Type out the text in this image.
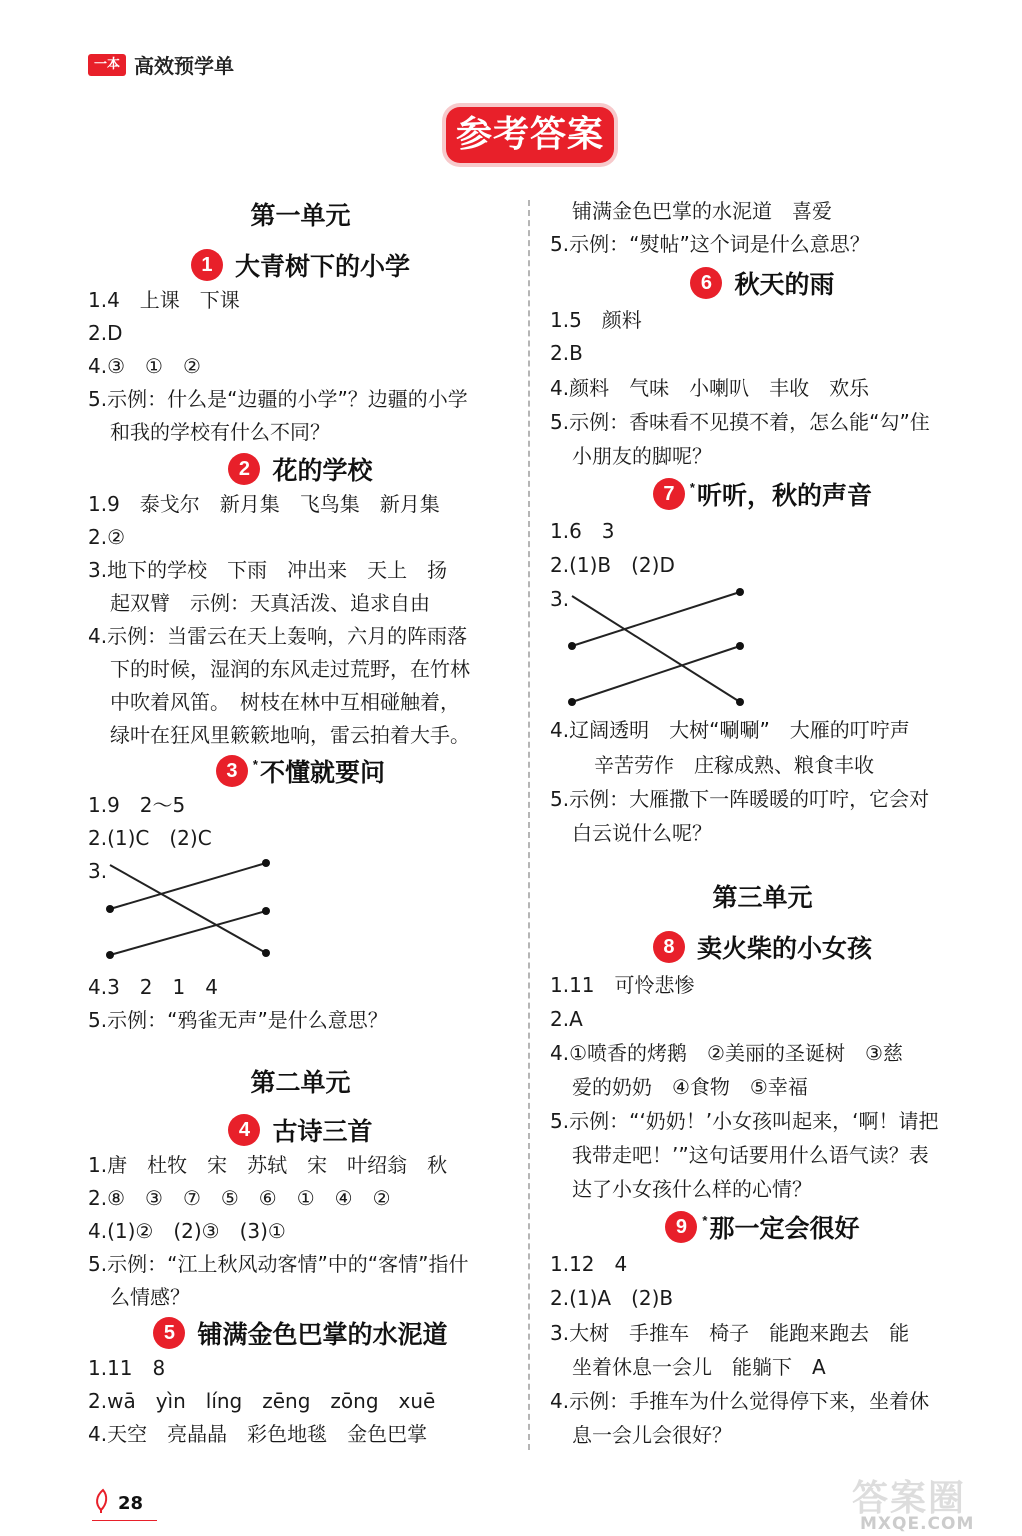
一本 高效预学单
参考答案
第一单元
1 大青树下的小学
1.4　上课　下课
2.D
4.③　①　②
5.示例：什么是“边疆的小学”？边疆的小学
和我的学校有什么不同？
2 花的学校
1.9　泰戈尔　新月集　飞鸟集　新月集
2.②
3.地下的学校　下雨　冲出来　天上　扬
起双臂　示例：天真活泼、追求自由
4.示例：当雷云在天上轰响，六月的阵雨落
下的时候，湿润的东风走过荒野，在竹林
中吹着风笛。　树枝在林中互相碰触着，
绿叶在狂风里簌簌地响，雷云拍着大手。
3 * 不懂就要问
1.9　2～5
2.(1)C　(2)C
3.
4.3　2　1　4
5.示例：“鸦雀无声”是什么意思？
第二单元
4 古诗三首
1.唐　杜牧　宋　苏轼　宋　叶绍翁　秋
2.⑧　③　⑦　⑤　⑥　①　④　②
4.(1)②　(2)③　(3)①
5.示例：“江上秋风动客情”中的“客情”指什
么情感？
5 铺满金色巴掌的水泥道
1.11　8
2.wā　yìn　líng　zēng　zōng　xuē
4.天空　亮晶晶　彩色地毯　金色巴掌
铺满金色巴掌的水泥道　喜爱
5.示例：“熨帖”这个词是什么意思？
6 秋天的雨
1.5　颜料
2.B
4.颜料　气味　小喇叭　丰收　欢乐
5.示例：香味看不见摸不着，怎么能“勾”住
小朋友的脚呢？
7 * 听听，秋的声音
1.6　3
2.(1)B　(2)D
3.
4.辽阔透明　大树“唰唰”　大雁的叮咛声
辛苦劳作　庄稼成熟、粮食丰收
5.示例：大雁撒下一阵暖暖的叮咛，它会对
白云说什么呢？
第三单元
8 卖火柴的小女孩
1.11　可怜悲惨
2.A
4.①喷香的烤鹅　②美丽的圣诞树　③慈
爱的奶奶　④食物　⑤幸福
5.示例：“‘奶奶！’小女孩叫起来，‘啊！请把
我带走吧！’”这句话要用什么语气读？表
达了小女孩什么样的心情？
9 * 那一定会很好
1.12　4
2.(1)A　(2)B
3.大树　手推车　椅子　能跑来跑去　能
坐着休息一会儿　能躺下　A
4.示例：手推车为什么觉得停下来，坐着休
息一会儿会很好？
28	答案圈
MXQE.COM
